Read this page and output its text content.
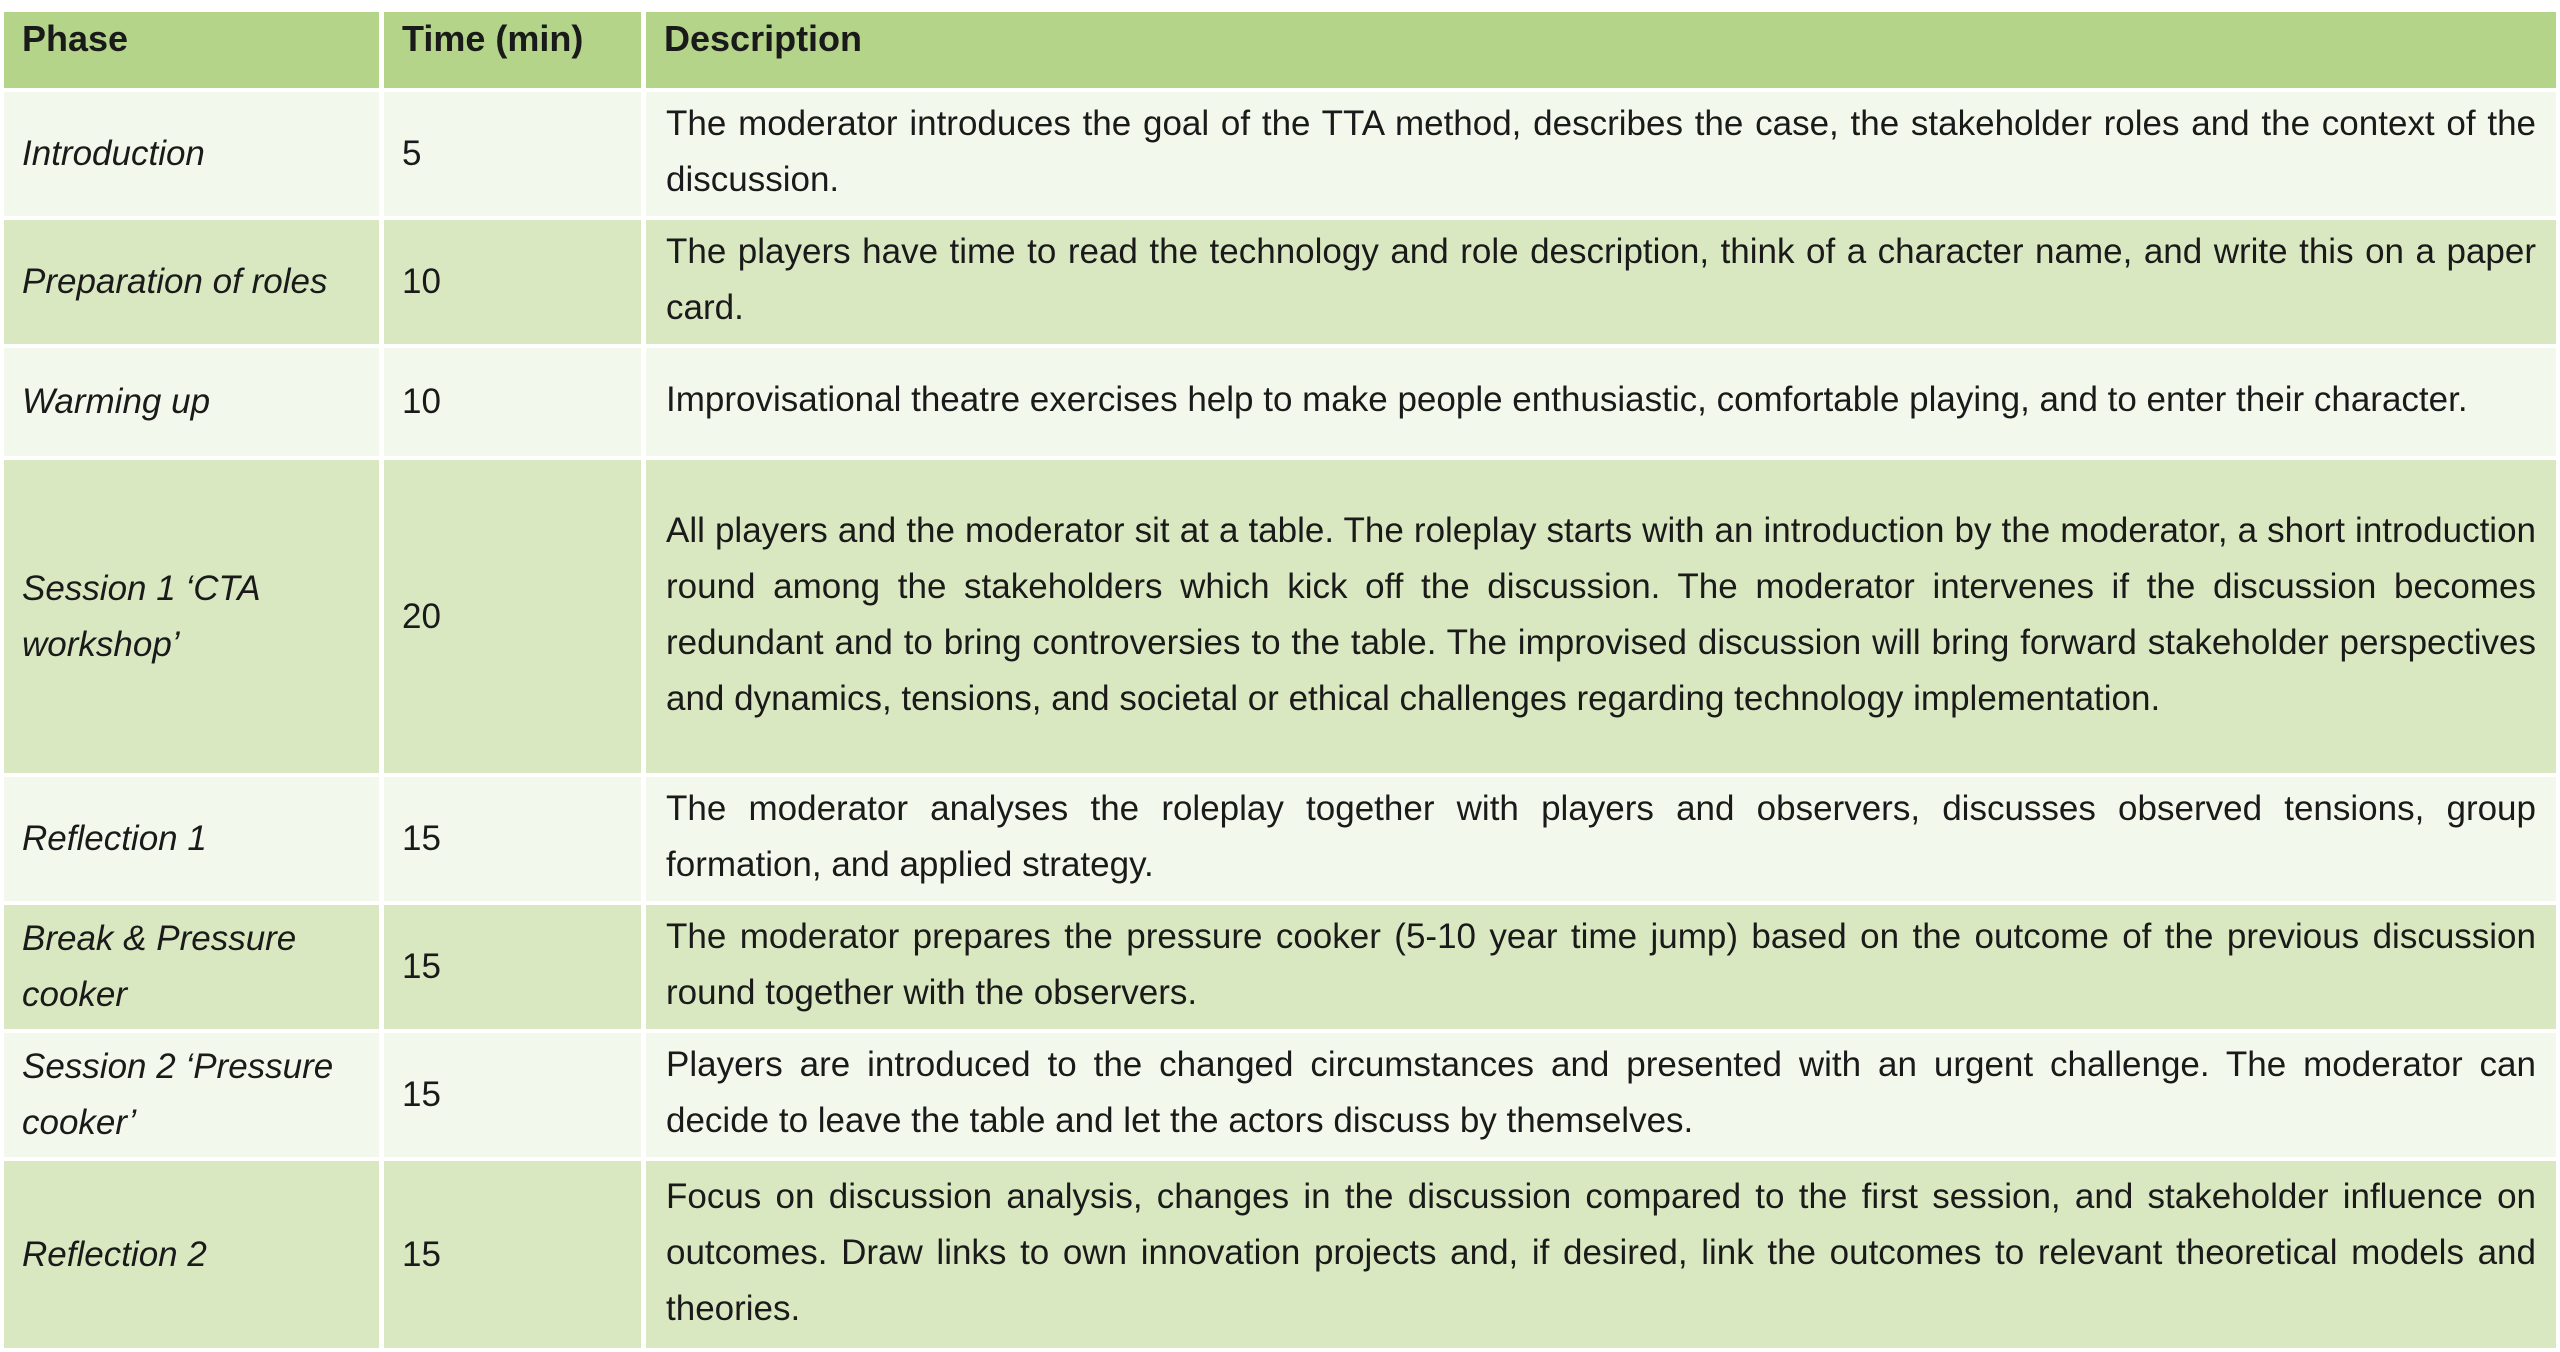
Phase	Time (min)	Description
Introduction	5	The moderator introduces the goal of the TTA method, describes the case, the stakeholder roles and the context of the discussion.
Preparation of roles	10	The players have time to read the technology and role description, think of a character name, and write this on a paper card.
Warming up	10	Improvisational theatre exercises help to make people enthusiastic, comfortable playing, and to enter their character.
Session 1 ‘CTA workshop’	20	All players and the moderator sit at a table. The roleplay starts with an introduction by the moderator, a short introduction round among the stakeholders which kick off the discussion. The moderator intervenes if the discussion becomes redundant and to bring controversies to the table. The improvised discussion will bring forward stakeholder perspectives and dynamics, tensions, and societal or ethical challenges regarding technology implementation.
Reflection 1	15	The moderator analyses the roleplay together with players and observers, discusses observed tensions, group formation, and applied strategy.
Break & Pressure cooker	15	The moderator prepares the pressure cooker (5-10 year time jump) based on the outcome of the previous discussion round together with the observers.
Session 2 ‘Pressure cooker’	15	Players are introduced to the changed circumstances and presented with an urgent challenge. The moderator can decide to leave the table and let the actors discuss by themselves.
Reflection 2	15	Focus on discussion analysis, changes in the discussion compared to the first session, and stakeholder influence on outcomes. Draw links to own innovation projects and, if desired, link the outcomes to relevant theoretical models and theories.
